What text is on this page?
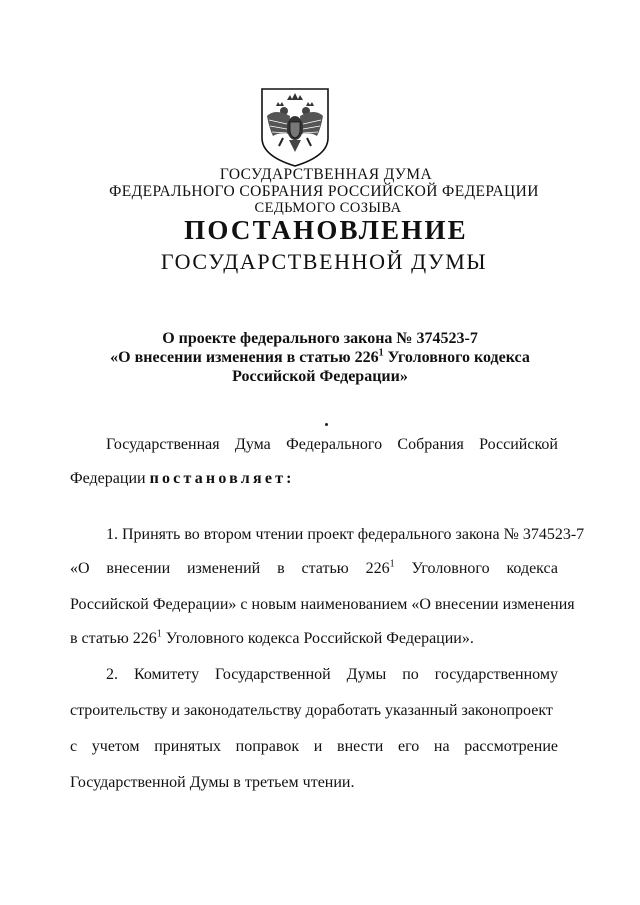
ГОСУДАРСТВЕННАЯ ДУМА
ФЕДЕРАЛЬНОГО СОБРАНИЯ РОССИЙСКОЙ ФЕДЕРАЦИИ
СЕДЬМОГО СОЗЫВА
ПОСТАНОВЛЕНИЕ
ГОСУДАРСТВЕННОЙ ДУМЫ
О проекте федерального закона № 374523-7
«О внесении изменения в статью $226^1$ Уголовного кодекса
Российской Федерации»
Государственная Дума Федерального Собрания Российской
Федерации постановляет:
1. Принять во втором чтении проект федерального закона № 374523-7
«О внесении изменений в статью $226^1$ Уголовного кодекса
Российской Федерации» с новым наименованием «О внесении изменения
в статью $226^1$ Уголовного кодекса Российской Федерации».
2. Комитету Государственной Думы по государственному
строительству и законодательству доработать указанный законопроект
с учетом принятых поправок и внести его на рассмотрение
Государственной Думы в третьем чтении.
